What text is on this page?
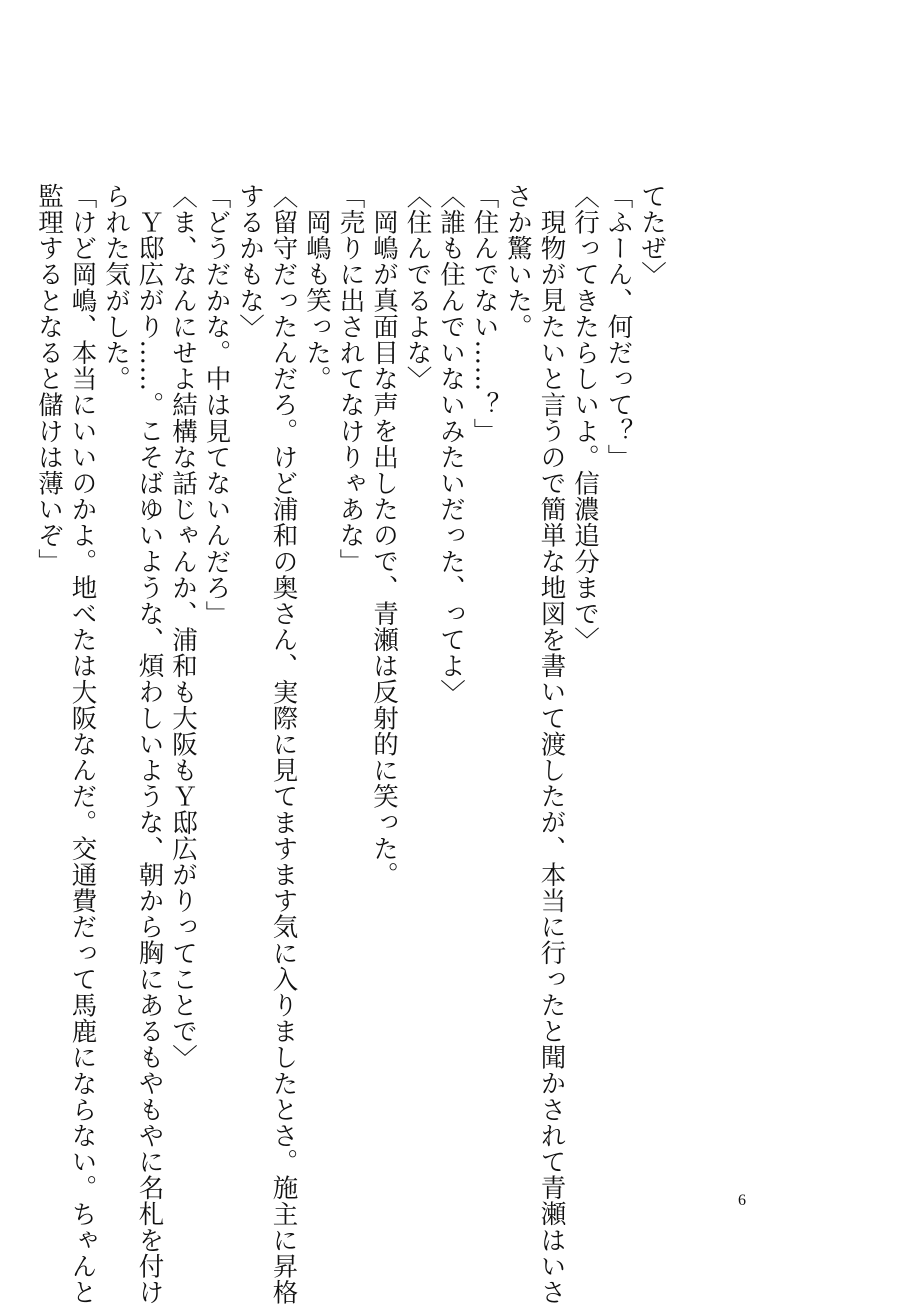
てたぜ〉
「ふーん、何だって？」
〈行ってきたらしいよ。信濃追分まで〉
現物が見たいと言うので簡単な地図を書いて渡したが、本当に行ったと聞かされて青瀬はいさ
さか驚いた。
「住んでない……？」
〈誰も住んでいないみたいだった、ってよ〉
〈住んでるよな〉
岡嶋が真面目な声を出したので、青瀬は反射的に笑った。
「売りに出されてなけりゃあな」
岡嶋も笑った。
〈留守だったんだろ。けど浦和の奥さん、実際に見てますます気に入りましたとさ。施主に昇格
するかもな〉
「どうだかな。中は見てないんだろ」
〈ま、なんにせよ結構な話じゃんか、浦和も大阪もＹ邸広がりってことで〉
Ｙ邸広がり……。こそばゆいような、煩わしいような、朝から胸にあるもやもやに名札を付け
られた気がした。
「けど岡嶋、本当にいいのかよ。地べたは大阪なんだ。交通費だって馬鹿にならない。ちゃんと
監理するとなると儲けは薄いぞ」
6
